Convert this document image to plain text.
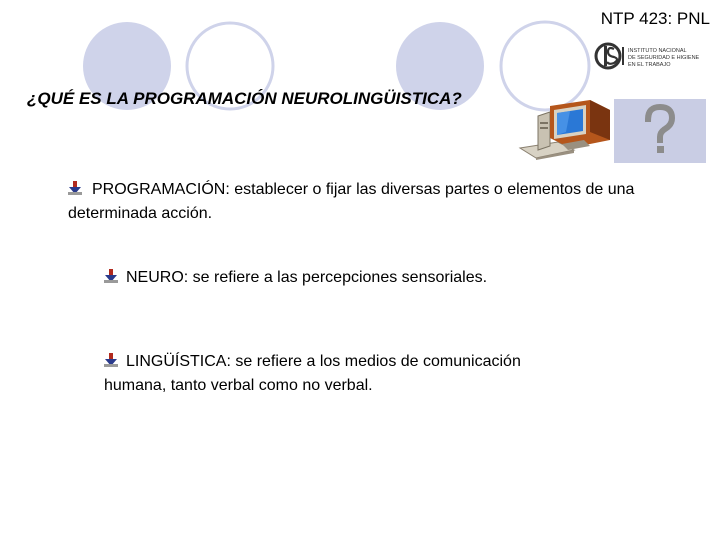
NTP 423: PNL
INSTITUTO NACIONAL
DE SEGURIDAD E HIGIENE
EN EL TRABAJO
¿QUÉ ES LA PROGRAMACIÓN NEUROLINGÜISTICA?
PROGRAMACIÓN: establecer o fijar las diversas partes o elementos de una determinada acción.
NEURO: se refiere a las percepciones sensoriales.
LINGÜÍSTICA: se refiere a los medios de comunicación humana, tanto verbal como no verbal.
